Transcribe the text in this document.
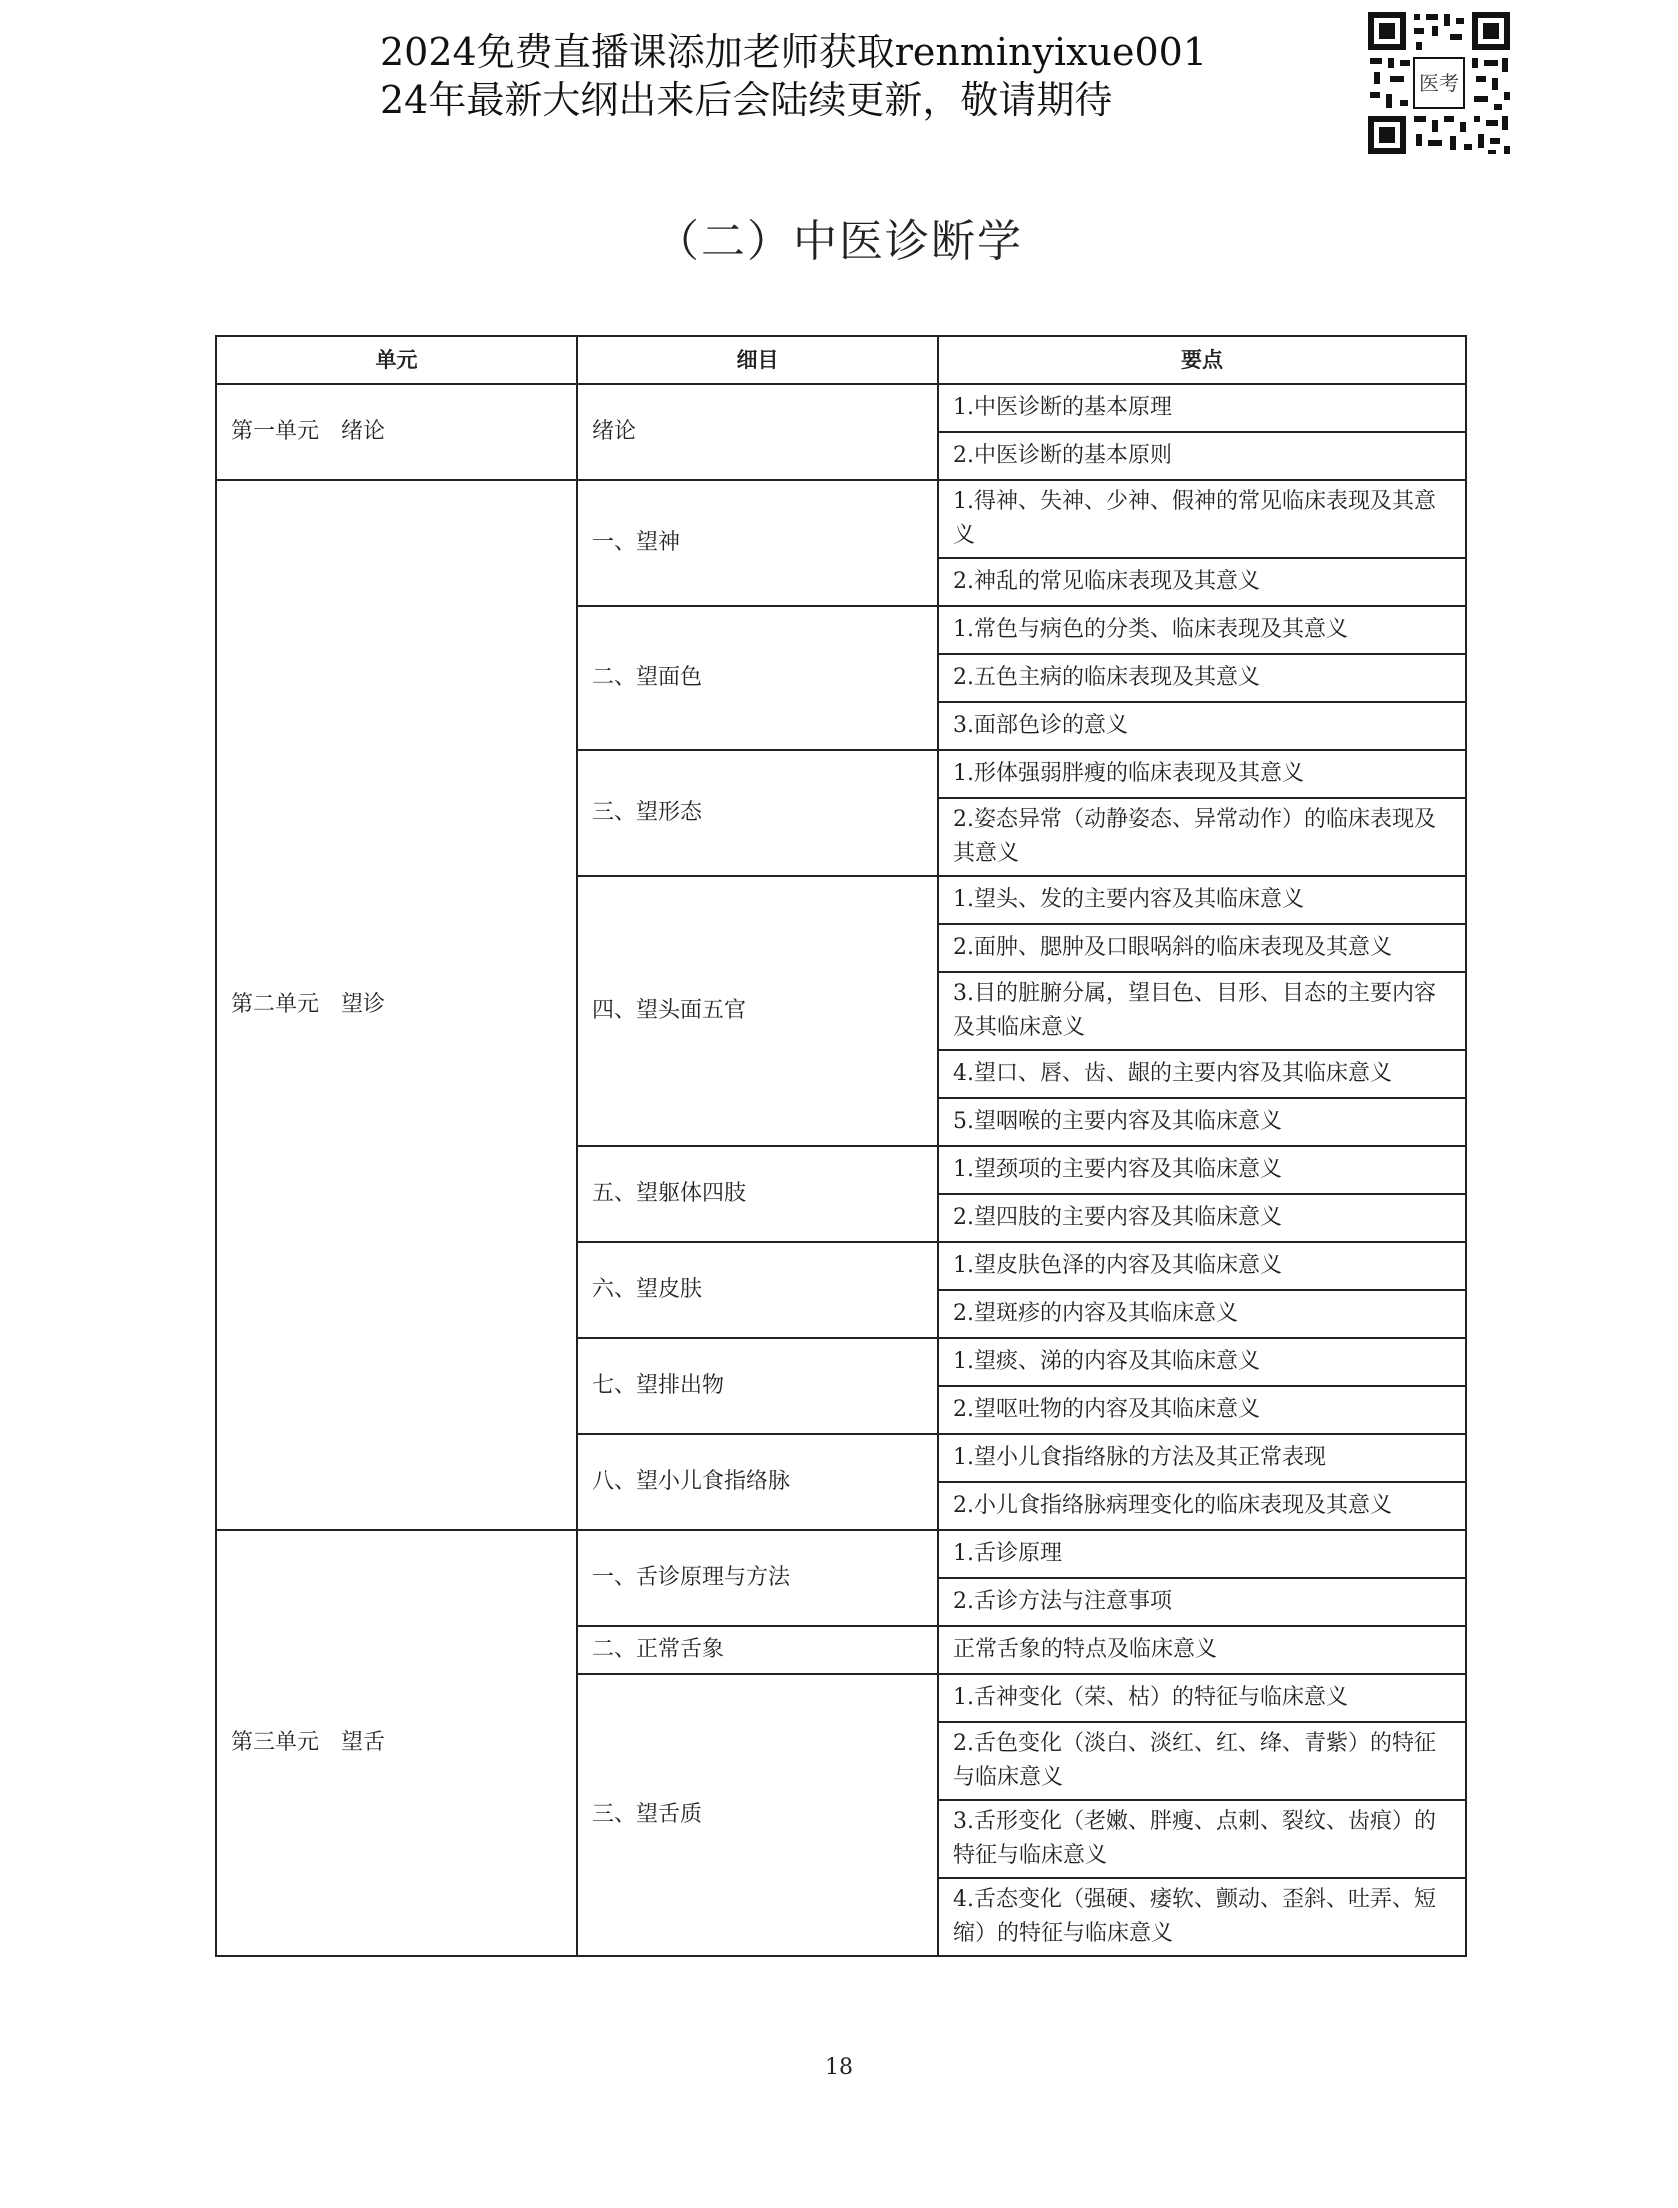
2024免费直播课添加老师获取renminyixue001
24年最新大纲出来后会陆续更新，敬请期待	医考
（二）中医诊断学
单元	细目	要点
第一单元　绪论	绪论	1.中医诊断的基本原理
		2.中医诊断的基本原则
第二单元　望诊	一、望神	1.得神、失神、少神、假神的常见临床表现及其意义
		2.神乱的常见临床表现及其意义
	二、望面色	1.常色与病色的分类、临床表现及其意义
		2.五色主病的临床表现及其意义
		3.面部色诊的意义
	三、望形态	1.形体强弱胖瘦的临床表现及其意义
		2.姿态异常（动静姿态、异常动作）的临床表现及其意义
	四、望头面五官	1.望头、发的主要内容及其临床意义
		2.面肿、腮肿及口眼㖞斜的临床表现及其意义
		3.目的脏腑分属，望目色、目形、目态的主要内容及其临床意义
		4.望口、唇、齿、龈的主要内容及其临床意义
		5.望咽喉的主要内容及其临床意义
	五、望躯体四肢	1.望颈项的主要内容及其临床意义
		2.望四肢的主要内容及其临床意义
	六、望皮肤	1.望皮肤色泽的内容及其临床意义
		2.望斑疹的内容及其临床意义
	七、望排出物	1.望痰、涕的内容及其临床意义
		2.望呕吐物的内容及其临床意义
	八、望小儿食指络脉	1.望小儿食指络脉的方法及其正常表现
		2.小儿食指络脉病理变化的临床表现及其意义
第三单元　望舌	一、舌诊原理与方法	1.舌诊原理
		2.舌诊方法与注意事项
	二、正常舌象	正常舌象的特点及临床意义
	三、望舌质	1.舌神变化（荣、枯）的特征与临床意义
		2.舌色变化（淡白、淡红、红、绛、青紫）的特征与临床意义
		3.舌形变化（老嫩、胖瘦、点刺、裂纹、齿痕）的特征与临床意义
		4.舌态变化（强硬、痿软、颤动、歪斜、吐弄、短缩）的特征与临床意义
18
